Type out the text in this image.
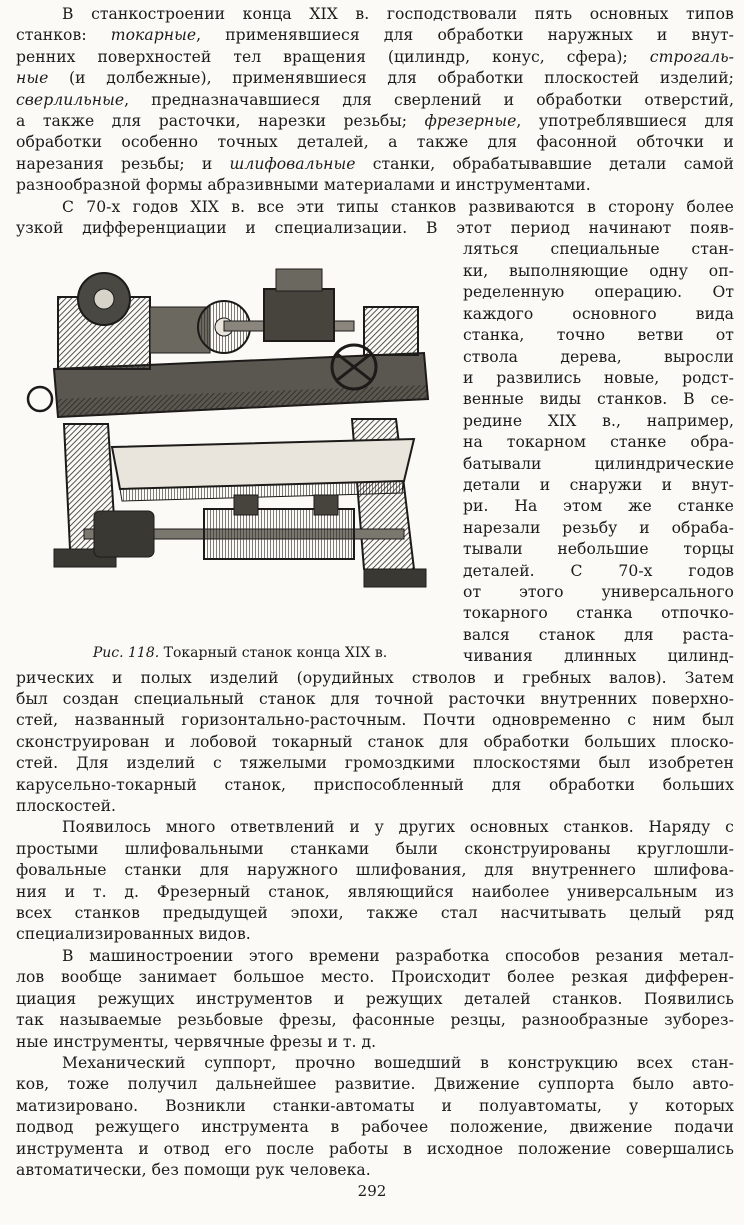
В станкостроении конца XIX в. господствовали пять основных типов
станков: токарные, применявшиеся для обработки наружных и внут-
ренних поверхностей тел вращения (цилиндр, конус, сфера); строгаль-
ные (и долбежные), применявшиеся для обработки плоскостей изделий;
сверлильные, предназначавшиеся для сверлений и обработки отверстий,
а также для расточки, нарезки резьбы; фрезерные, употреблявшиеся для
обработки особенно точных деталей, а также для фасонной обточки и
нарезания резьбы; и шлифовальные станки, обрабатывавшие детали самой
разнообразной формы абразивными материалами и инструментами.
С 70-х годов XIX в. все эти типы станков развиваются в сторону более
узкой дифференциации и специализации. В этот период начинают появ-
Рис. 118. Токарный станок конца XIX в.
ляться специальные стан-
ки, выполняющие одну оп-
ределенную операцию. От
каждого основного вида
станка, точно ветви от
ствола	дерева,	выросли
и развились новые, родст-
венные виды станков. В се-
редине XIX в., например,
на токарном станке обра-
батывали	цилиндрические
детали и снаружи и внут-
ри. На этом же станке
нарезали резьбу и обраба-
тывали небольшие торцы
деталей. С 70-х годов
от этого универсального
токарного станка отпочко-
вался станок для раста-
чивания длинных цилинд-
рических и полых изделий (орудийных стволов и гребных валов). Затем
был создан специальный станок для точной расточки внутренних поверхно-
стей, названный горизонтально-расточным. Почти одновременно с ним был
сконструирован и лобовой токарный станок для обработки больших плоско-
стей. Для изделий с тяжелыми громоздкими плоскостями был изобретен
карусельно-токарный станок, приспособленный для обработки больших
плоскостей.
Появилось много ответвлений и у других основных станков. Наряду с
простыми шлифовальными станками были сконструированы круглошли-
фовальные станки для наружного шлифования, для внутреннего шлифова-
ния и т. д. Фрезерный станок, являющийся наиболее универсальным из
всех станков предыдущей эпохи, также стал насчитывать целый ряд
специализированных видов.
В машиностроении этого времени разработка способов резания метал-
лов вообще занимает большое место. Происходит более резкая дифферен-
циация режущих инструментов и режущих деталей станков. Появились
так называемые резьбовые фрезы, фасонные резцы, разнообразные зуборез-
ные инструменты, червячные фрезы и т. д.
Механический суппорт, прочно вошедший в конструкцию всех стан-
ков, тоже получил дальнейшее развитие. Движение суппорта было авто-
матизировано. Возникли станки-автоматы и полуавтоматы, у которых
подвод режущего инструмента в рабочее положение, движение подачи
инструмента и отвод его после работы в исходное положение совершались
автоматически, без помощи рук человека.
292
